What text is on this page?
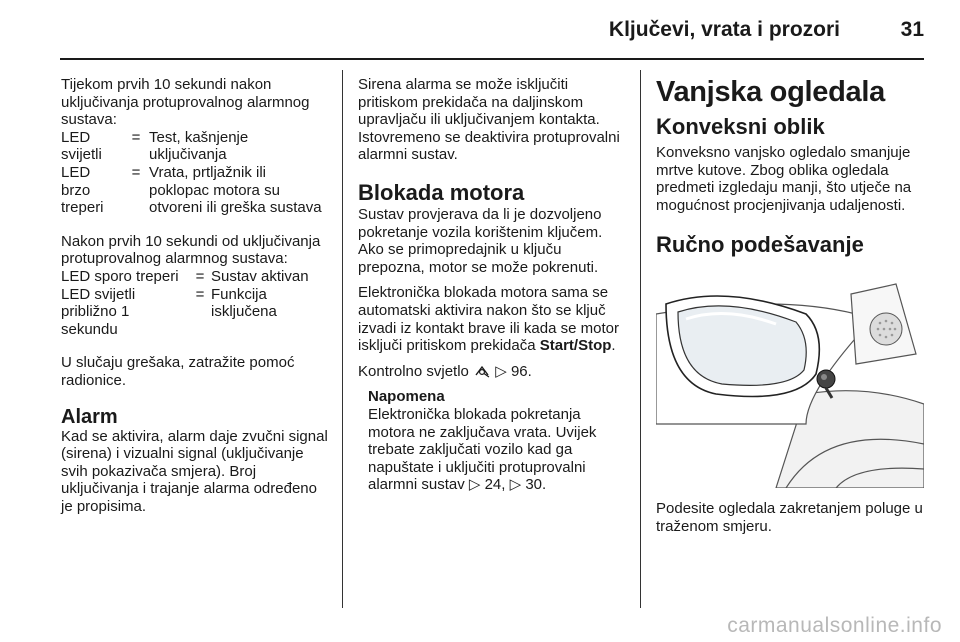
Ključevi, vrata i prozori	31

Tijekom prvih 10 sekundi nakon uključivanja protuprovalnog alarmnog sustava:

LED svijetli
= Test, kašnjenje uključivanja
LED brzo treperi
= Vrata, prtljažnik ili poklopac motora su otvoreni ili greška sustava

Nakon prvih 10 sekundi od uključivanja protuprovalnog alarmnog sustava:

LED sporo treperi	= Sustav aktivan
LED svijetli približno 1 sekundu
= Funkcija isključena

U slučaju grešaka, zatražite pomoć radionice.

Alarm

Kad se aktivira, alarm daje zvučni signal (sirena) i vizualni signal (uključivanje svih pokazivača smjera). Broj uključivanja i trajanje alarma određeno je propisima.

Sirena alarma se može isključiti pritiskom prekidača na daljinskom upravljaču ili uključivanjem kontakta. Istovremeno se deaktivira protuprovalni alarmni sustav.

Blokada motora

Sustav provjerava da li je dozvoljeno pokretanje vozila korištenim ključem. Ako se primopredajnik u ključu prepozna, motor se može pokrenuti.

Elektronička blokada motora sama se automatski aktivira nakon što se ključ izvadi iz kontakt brave ili kada se motor isključi pritiskom prekidača Start/Stop.

Kontrolno svjetlo ▷ 96.

Napomena

Elektronička blokada pokretanja motora ne zaključava vrata. Uvijek trebate zaključati vozilo kad ga napuštate i uključiti protuprovalni alarmni sustav ▷ 24, ▷ 30.

Vanjska ogledala
Konveksni oblik

Konveksno vanjsko ogledalo smanjuje mrtve kutove. Zbog oblika ogledala predmeti izgledaju manji, što utječe na mogućnost procjenjivanja udaljenosti.

Ručno podešavanje

Podesite ogledala zakretanjem poluge u traženom smjeru.

carmanualsonline.info
